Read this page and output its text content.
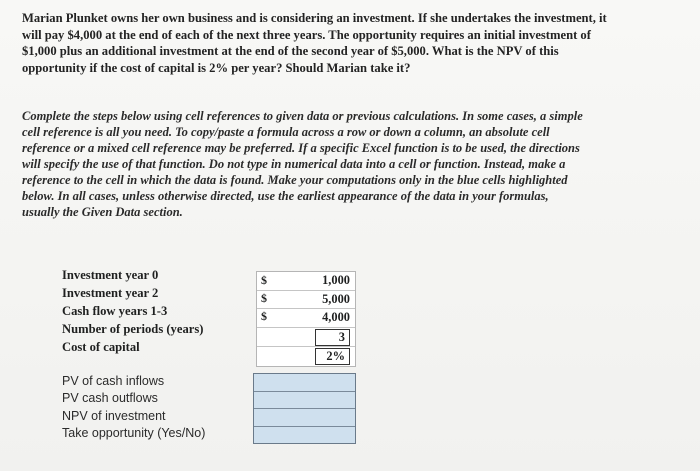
Marian Plunket owns her own business and is considering an investment. If she undertakes the investment, it

will pay $4,000 at the end of each of the next three years. The opportunity requires an initial investment of

$1,000 plus an additional investment at the end of the second year of $5,000. What is the NPV of this

opportunity if the cost of capital is 2% per year? Should Marian take it?

Complete the steps below using cell references to given data or previous calculations. In some cases, a simple

cell reference is all you need. To copy/paste a formula across a row or down a column, an absolute cell

reference or a mixed cell reference may be preferred. If a specific Excel function is to be used, the directions

will specify the use of that function. Do not type in numerical data into a cell or function. Instead, make a

reference to the cell in which the data is found. Make your computations only in the blue cells highlighted

below. In all cases, unless otherwise directed, use the earliest appearance of the data in your formulas,

usually the Given Data section.

Investment year 0
Investment year 2
Cash flow years 1-3
Number of periods (years)
Cost of capital
1,000
5,000
4,000
3
2%
$
$
$
PV of cash inflows
PV cash outflows
NPV of investment
Take opportunity (Yes/No)
